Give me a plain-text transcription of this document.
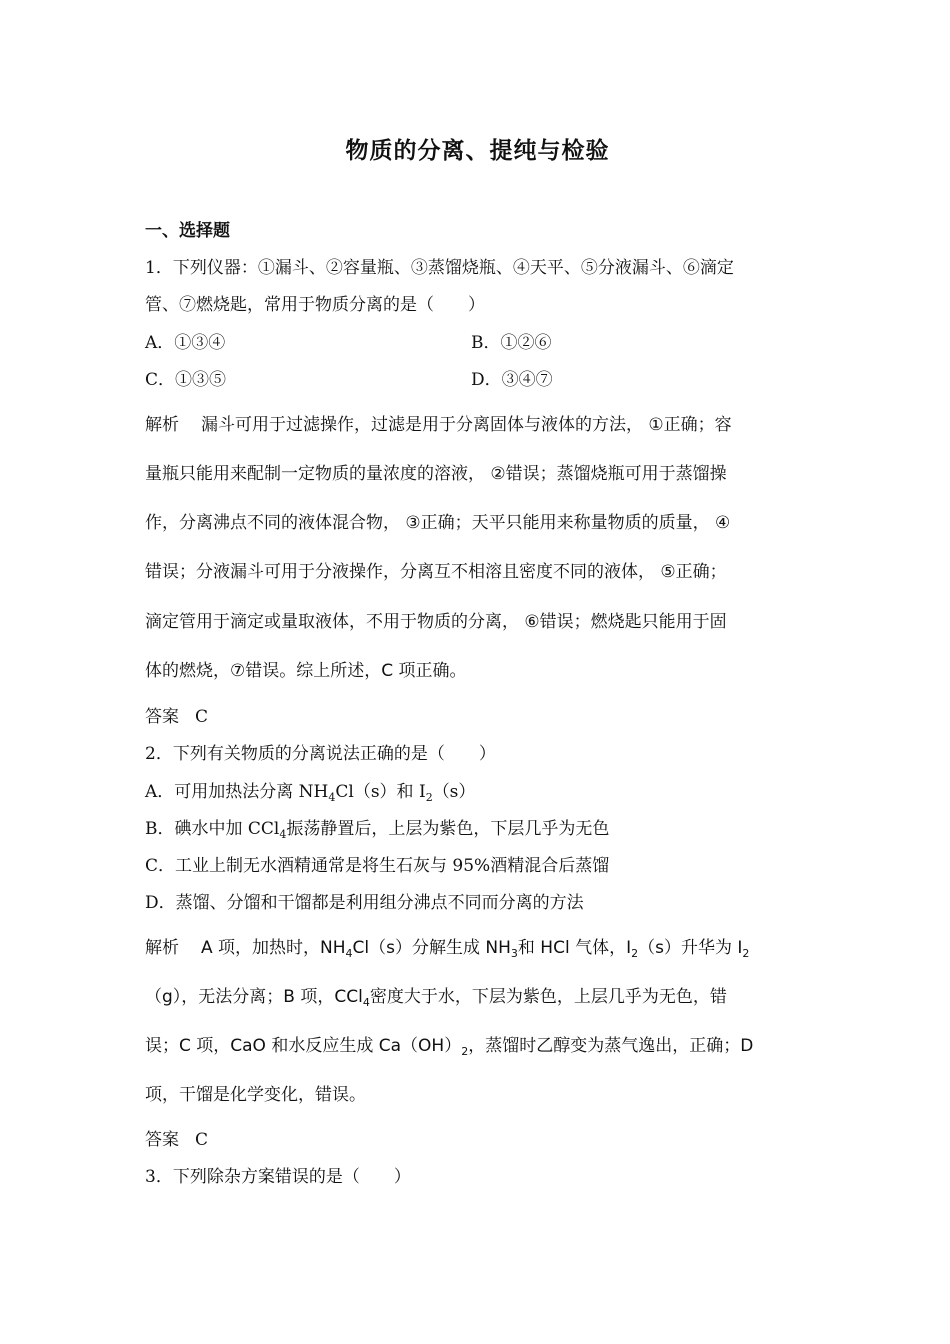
物质的分离、提纯与检验
一、选择题
1．下列仪器：①漏斗、②容量瓶、③蒸馏烧瓶、④天平、⑤分液漏斗、⑥滴定
管、⑦燃烧匙，常用于物质分离的是（　　）
A．①③④	B．①②⑥
C．①③⑤	D．③④⑦
解析 漏斗可用于过滤操作，过滤是用于分离固体与液体的方法， ①正确；容
量瓶只能用来配制一定物质的量浓度的溶液， ②错误；蒸馏烧瓶可用于蒸馏操
作，分离沸点不同的液体混合物， ③正确；天平只能用来称量物质的质量， ④
错误；分液漏斗可用于分液操作，分离互不相溶且密度不同的液体， ⑤正确；
滴定管用于滴定或量取液体，不用于物质的分离， ⑥错误；燃烧匙只能用于固
体的燃烧，⑦错误。综上所述，C 项正确。
答案 C
2．下列有关物质的分离说法正确的是（　　）
A．可用加热法分离 $NH_4Cl(s)$和 $I_2(s)$
B．碘水中加 CCl$_4$振荡静置后，上层为紫色，下层几乎为无色
C．工业上制无水酒精通常是将生石灰与 95%酒精混合后蒸馏
D．蒸馏、分馏和干馏都是利用组分沸点不同而分离的方法
解析 A 项，加热时，$NH_4Cl(s)$分解生成 $NH_3$和 HCl 气体，$I_2(s)$升华为 $I_2$
（g），无法分离；B 项，CCl$_4$密度大于水，下层为紫色，上层几乎为无色，错
误；C 项，CaO 和水反应生成 $Ca(OH)_2$，蒸馏时乙醇变为蒸气逸出，正确；D
项，干馏是化学变化，错误。
答案 C
3．下列除杂方案错误的是（　　）
